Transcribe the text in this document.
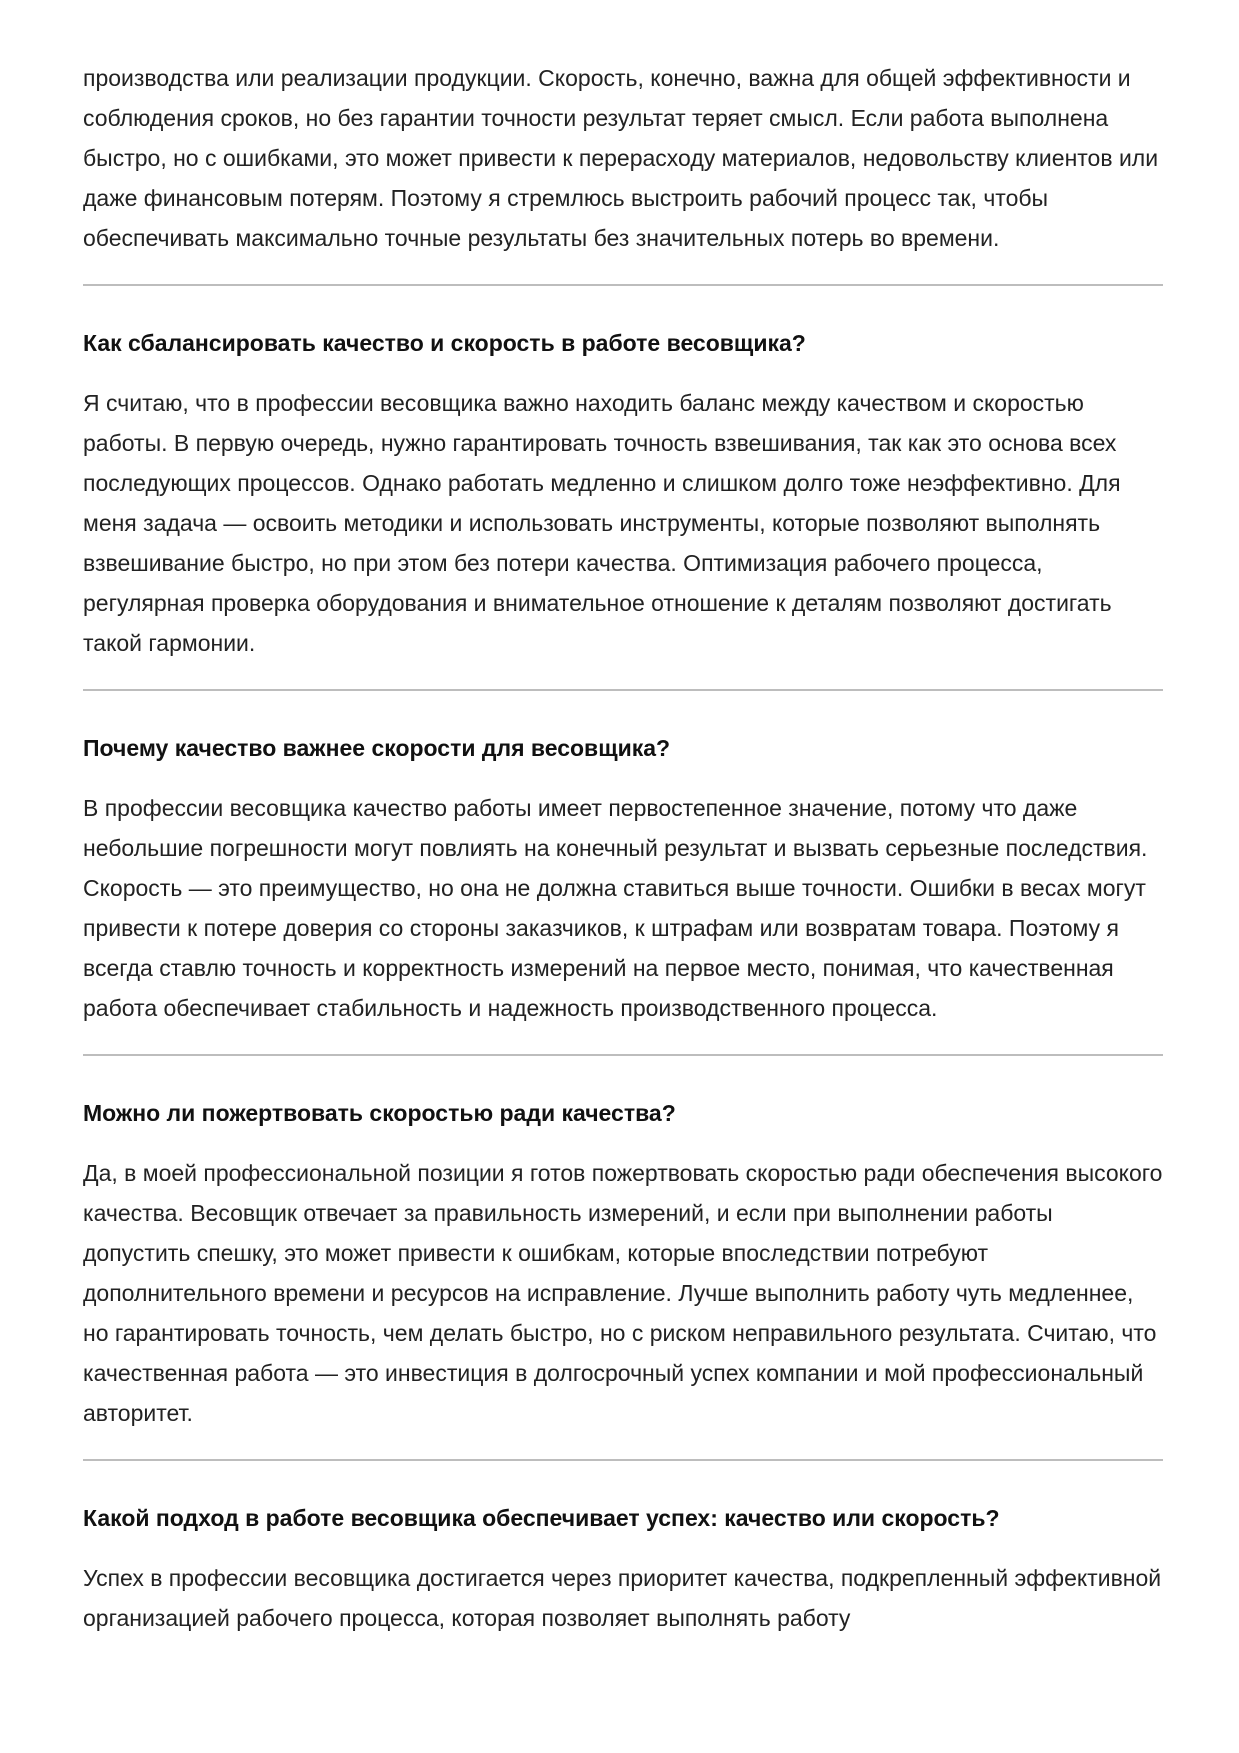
производства или реализации продукции. Скорость, конечно, важна для общей эффективности и соблюдения сроков, но без гарантии точности результат теряет смысл. Если работа выполнена быстро, но с ошибками, это может привести к перерасходу материалов, недовольству клиентов или даже финансовым потерям. Поэтому я стремлюсь выстроить рабочий процесс так, чтобы обеспечивать максимально точные результаты без значительных потерь во времени.

Как сбалансировать качество и скорость в работе весовщика?

Я считаю, что в профессии весовщика важно находить баланс между качеством и скоростью работы. В первую очередь, нужно гарантировать точность взвешивания, так как это основа всех последующих процессов. Однако работать медленно и слишком долго тоже неэффективно. Для меня задача — освоить методики и использовать инструменты, которые позволяют выполнять взвешивание быстро, но при этом без потери качества. Оптимизация рабочего процесса, регулярная проверка оборудования и внимательное отношение к деталям позволяют достигать такой гармонии.

Почему качество важнее скорости для весовщика?

В профессии весовщика качество работы имеет первостепенное значение, потому что даже небольшие погрешности могут повлиять на конечный результат и вызвать серьезные последствия. Скорость — это преимущество, но она не должна ставиться выше точности. Ошибки в весах могут привести к потере доверия со стороны заказчиков, к штрафам или возвратам товара. Поэтому я всегда ставлю точность и корректность измерений на первое место, понимая, что качественная работа обеспечивает стабильность и надежность производственного процесса.

Можно ли пожертвовать скоростью ради качества?

Да, в моей профессиональной позиции я готов пожертвовать скоростью ради обеспечения высокого качества. Весовщик отвечает за правильность измерений, и если при выполнении работы допустить спешку, это может привести к ошибкам, которые впоследствии потребуют дополнительного времени и ресурсов на исправление. Лучше выполнить работу чуть медленнее, но гарантировать точность, чем делать быстро, но с риском неправильного результата. Считаю, что качественная работа — это инвестиция в долгосрочный успех компании и мой профессиональный авторитет.

Какой подход в работе весовщика обеспечивает успех: качество или скорость?

Успех в профессии весовщика достигается через приоритет качества, подкрепленный эффективной организацией рабочего процесса, которая позволяет выполнять работу
